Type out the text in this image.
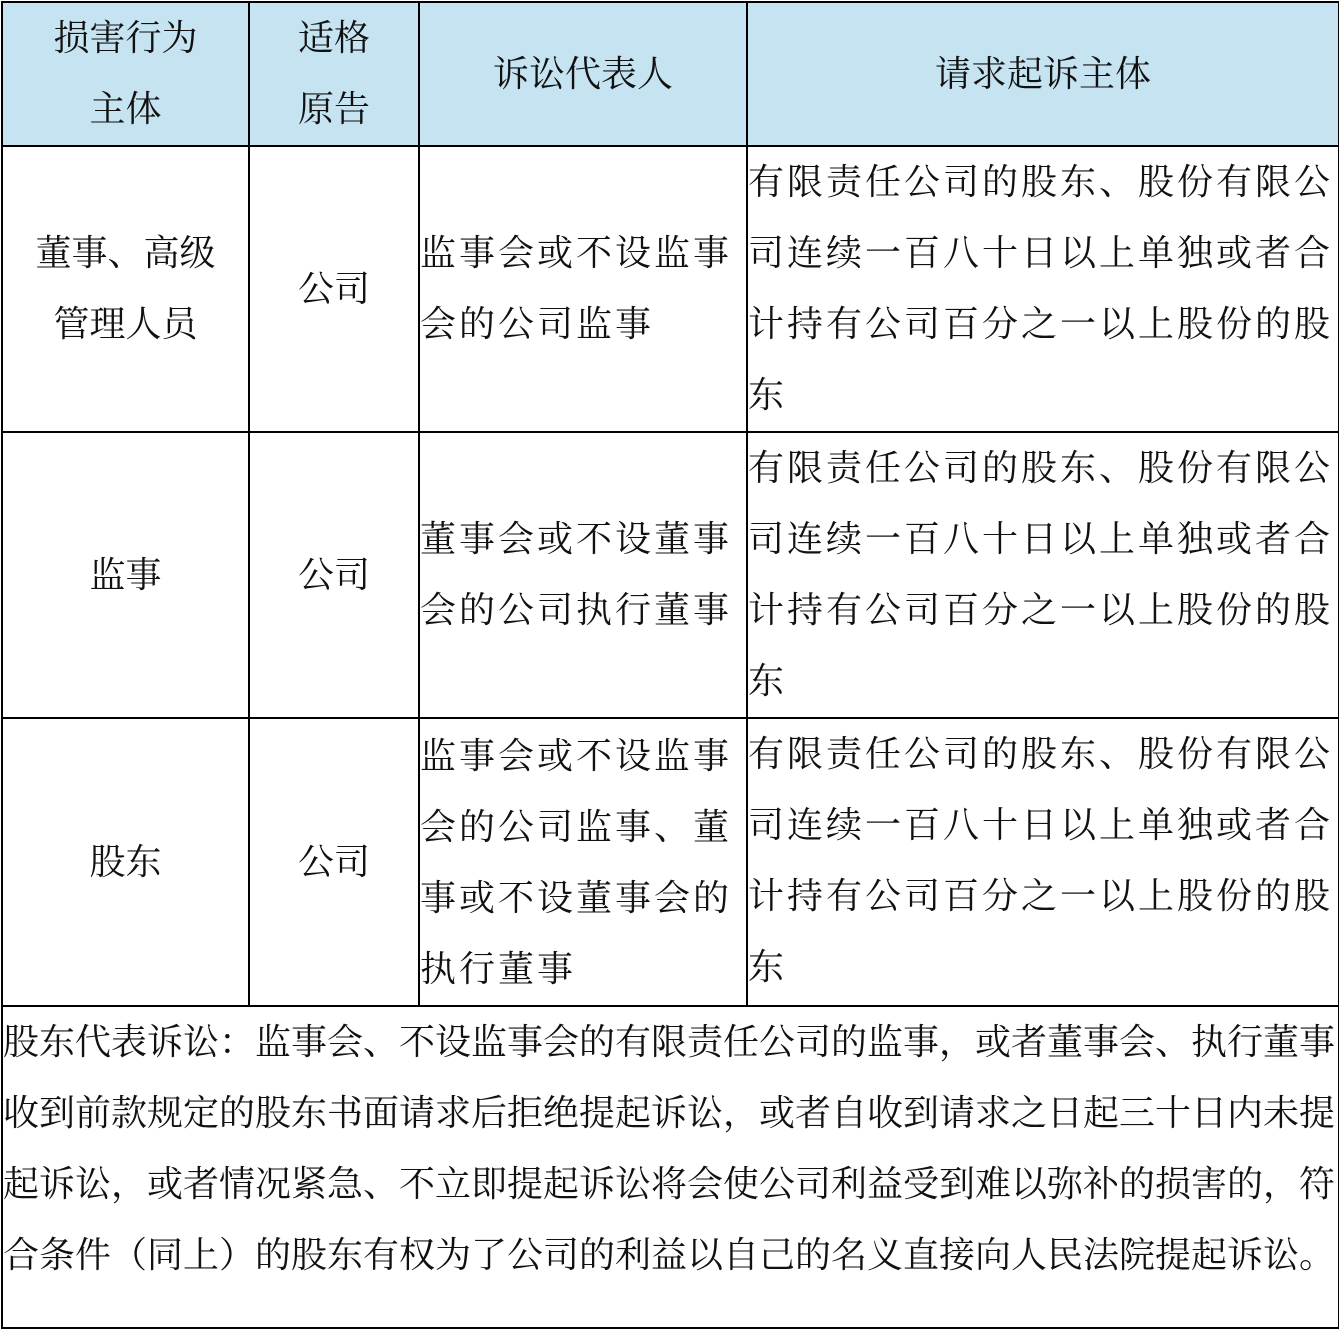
损害行为主体	适格原告	诉讼代表人	请求起诉主体
董事、高级管理人员	公司	监事会或不设监事会的公司监事	有限责任公司的股东、股份有限公司连续一百八十日以上单独或者合计持有公司百分之一以上股份的股东
监事	公司	董事会或不设董事会的公司执行董事	有限责任公司的股东、股份有限公司连续一百八十日以上单独或者合计持有公司百分之一以上股份的股东
股东	公司	监事会或不设监事会的公司监事、董事或不设董事会的执行董事	有限责任公司的股东、股份有限公司连续一百八十日以上单独或者合计持有公司百分之一以上股份的股东
股东代表诉讼：监事会、不设监事会的有限责任公司的监事，或者董事会、执行董事收到前款规定的股东书面请求后拒绝提起诉讼，或者自收到请求之日起三十日内未提起诉讼，或者情况紧急、不立即提起诉讼将会使公司利益受到难以弥补的损害的，符合条件（同上）的股东有权为了公司的利益以自己的名义直接向人民法院提起诉讼。			
